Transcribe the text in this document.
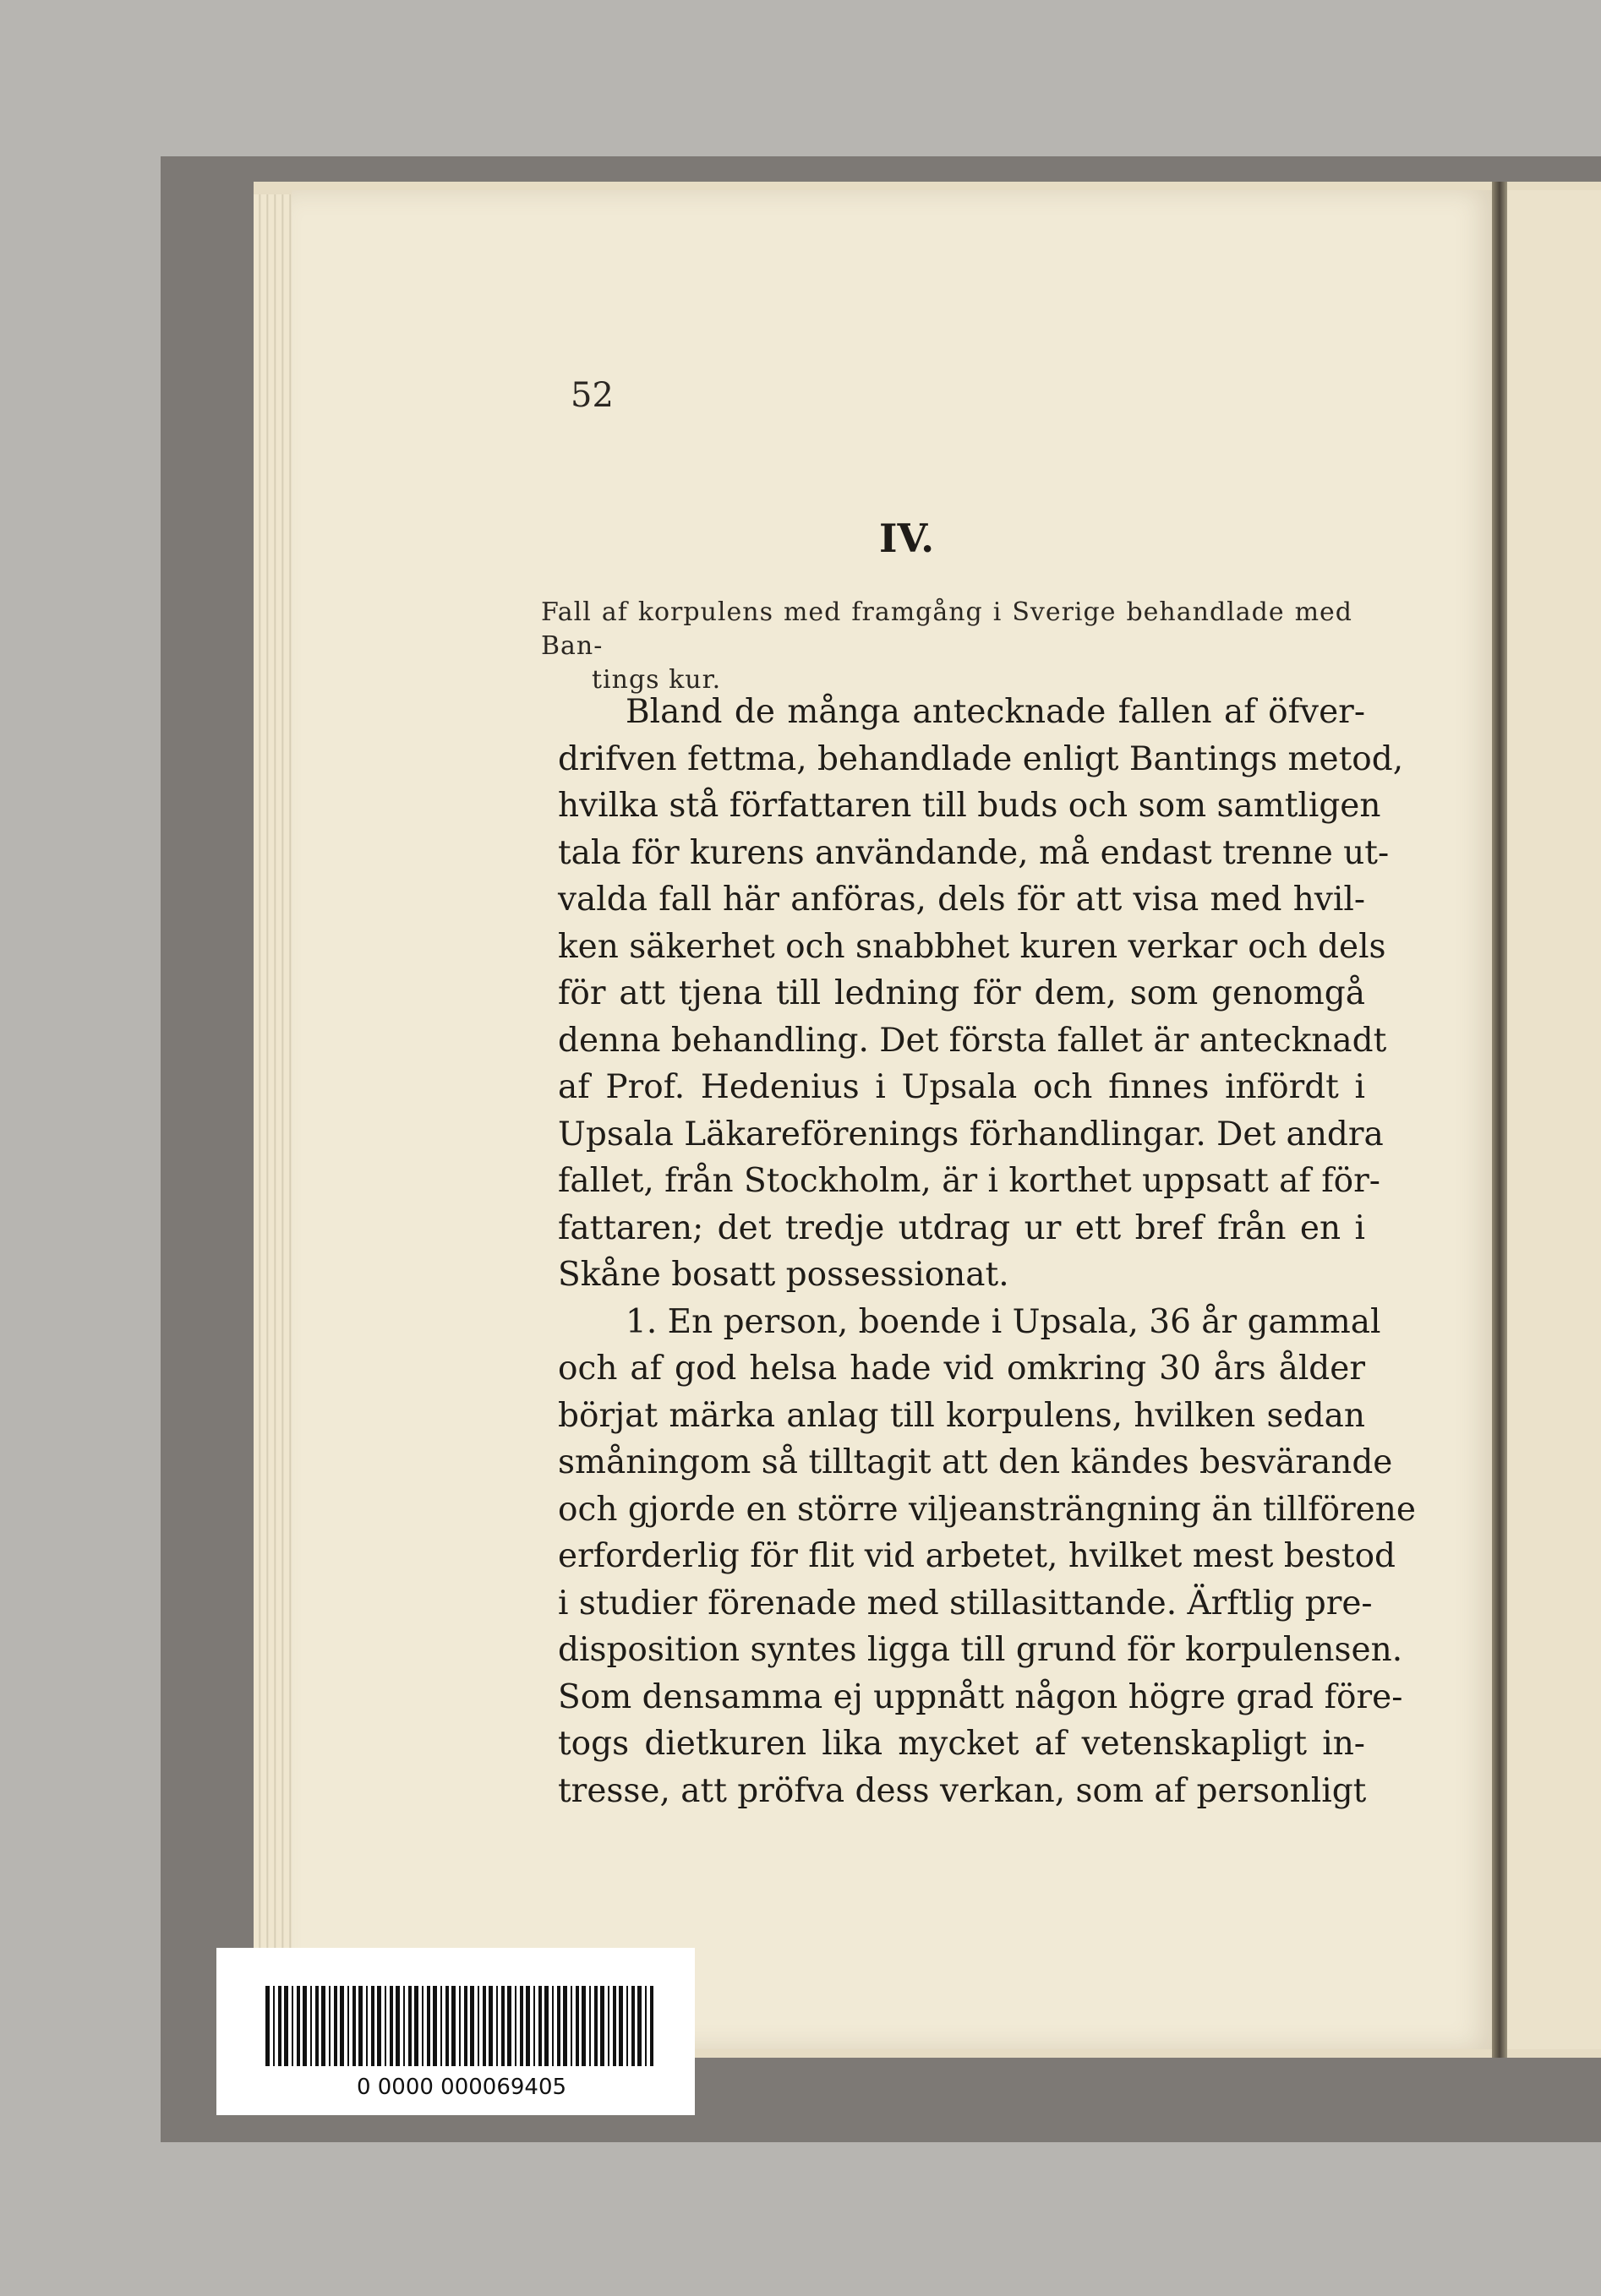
52
IV.
Fall af korpulens med framgång i Sverige behandlade med Ban-
tings kur.
Bland de många antecknade fallen af öfver-
drifven fettma, behandlade enligt Bantings metod,
hvilka stå författaren till buds och som samtligen
tala för kurens användande, må endast trenne ut-
valda fall här anföras, dels för att visa med hvil-
ken säkerhet och snabbhet kuren verkar och dels
för att tjena till ledning för dem, som genomgå
denna behandling. Det första fallet är antecknadt
af Prof. Hedenius i Upsala och finnes infördt i
Upsala Läkareförenings förhandlingar. Det andra
fallet, från Stockholm, är i korthet uppsatt af för-
fattaren; det tredje utdrag ur ett bref från en i
Skåne bosatt possessionat.
1. En person, boende i Upsala, 36 år gammal
och af god helsa hade vid omkring 30 års ålder
börjat märka anlag till korpulens, hvilken sedan
småningom så tilltagit att den kändes besvärande
och gjorde en större viljeansträngning än tillförene
erforderlig för flit vid arbetet, hvilket mest bestod
i studier förenade med stillasittande. Ärftlig pre-
disposition syntes ligga till grund för korpulensen.
Som densamma ej uppnått någon högre grad före-
togs dietkuren lika mycket af vetenskapligt in-
tresse, att pröfva dess verkan, som af personligt
0 0000 000069405
